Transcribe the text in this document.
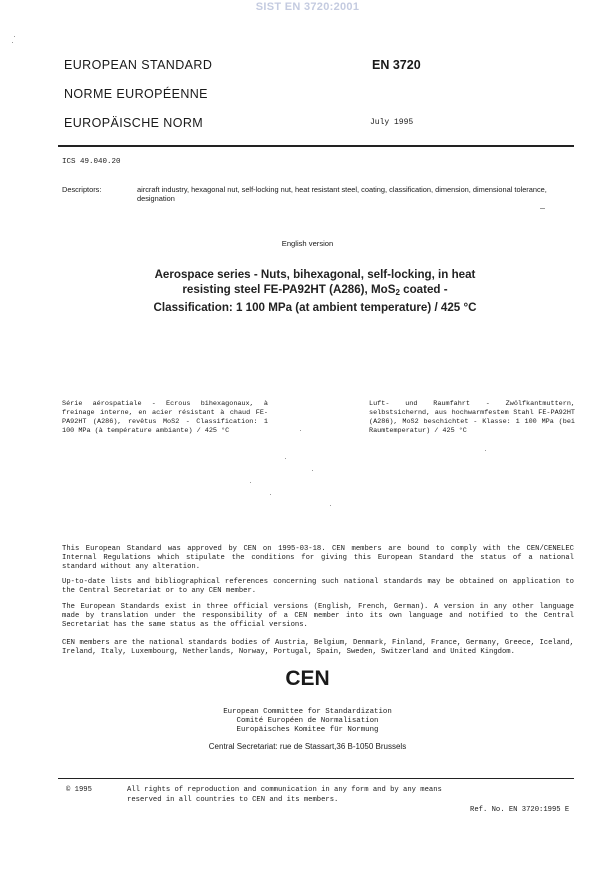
SIST EN 3720:2001
EUROPEAN STANDARD
NORME EUROPÉENNE
EUROPÄISCHE NORM
EN 3720
July 1995
ICS 49.040.20
Descriptors:	aircraft industry, hexagonal nut, self-locking nut, heat resistant steel, coating, classification, dimension, dimensional tolerance, designation
English version
Aerospace series - Nuts, bihexagonal, self-locking, in heat resisting steel FE-PA92HT (A286), MoS$_2$ coated - Classification: 1 100 MPa (at ambient temperature) / 425 °C
Série aérospatiale - Ecrous bihexagonaux, à freinage interne, en acier résistant à chaud FE-PA92HT (A286), revêtus MoS2 - Classification: 1 100 MPa (à température ambiante) / 425 °C
Luft- und Raumfahrt - Zwölfkantmuttern, selbstsichernd, aus hochwarmfestem Stahl FE-PA92HT (A286), MoS2 beschichtet - Klasse: 1 100 MPa (bei Raumtemperatur) / 425 °C
This European Standard was approved by CEN on 1995-03-18. CEN members are bound to comply with the CEN/CENELEC Internal Regulations which stipulate the conditions for giving this European Standard the status of a national standard without any alteration.
Up-to-date lists and bibliographical references concerning such national standards may be obtained on application to the Central Secretariat or to any CEN member.
The European Standards exist in three official versions (English, French, German). A version in any other language made by translation under the responsibility of a CEN member into its own language and notified to the Central Secretariat has the same status as the official versions.
CEN members are the national standards bodies of Austria, Belgium, Denmark, Finland, France, Germany, Greece, Iceland, Ireland, Italy, Luxembourg, Netherlands, Norway, Portugal, Spain, Sweden, Switzerland and United Kingdom.
CEN
European Committee for Standardization
Comité Européen de Normalisation
Europäisches Komitee für Normung
Central Secretariat: rue de Stassart,36 B-1050 Brussels
© 1995	All rights of reproduction and communication in any form and by any means reserved in all countries to CEN and its members.
Ref. No. EN 3720:1995 E
